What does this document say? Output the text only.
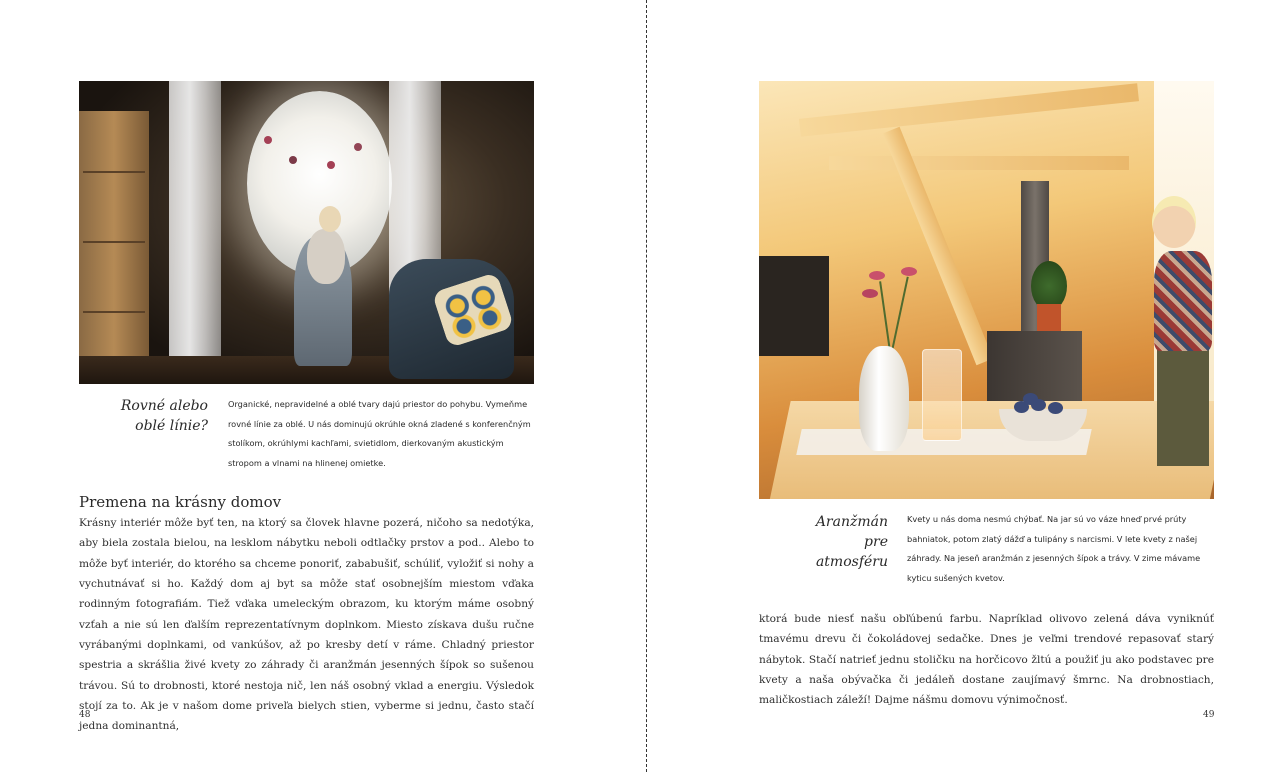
Rovné alebo oblé línie?
Organické, nepravidelné a oblé tvary dajú priestor do pohybu. Vymeňme rovné línie za oblé. U nás dominujú okrúhle okná zladené s konferenčným stolíkom, okrúhlymi kachľami, svietidlom, dierkovaným akustickým stropom a vlnami na hlinenej omietke.
Premena na krásny domov

Krásny interiér môže byť ten, na ktorý sa človek hlavne pozerá, ničoho sa nedotýka, aby biela zostala bielou, na lesklom nábytku neboli odtlačky prstov a pod.. Alebo to môže byť interiér, do ktorého sa chceme ponoriť, zababušiť, schúliť, vyložiť si nohy a vychutnávať si ho. Každý dom aj byt sa môže stať osobnejším miestom vďaka rodinným fotografiám. Tiež vďaka umeleckým obrazom, ku ktorým máme osobný vzťah a nie sú len ďalším reprezentatívnym doplnkom. Miesto získava dušu ručne vyrábanými doplnkami, od vankúšov, až po kresby detí v ráme. Chladný priestor spestria a skrášlia živé kvety zo záhrady či aranžmán jesenných šípok so sušenou trávou. Sú to drobnosti, ktoré nestoja nič, len náš osobný vklad a energiu. Výsledok stojí za to. Ak je v našom dome priveľa bielych stien, vyberme si jednu, často stačí jedna dominantná,

48
Aranžmán pre atmosféru
Kvety u nás doma nesmú chýbať. Na jar sú vo váze hneď prvé prúty bahniatok, potom zlatý dážď a tulipány s narcismi. V lete kvety z našej záhrady. Na jeseň aranžmán z jesenných šípok a trávy. V zime mávame kyticu sušených kvetov.

ktorá bude niesť našu obľúbenú farbu. Napríklad olivovo zelená dáva vyniknúť tmavému drevu či čokoládovej sedačke. Dnes je veľmi trendové repasovať starý nábytok. Stačí natrieť jednu stoličku na horčicovo žltú a použiť ju ako podstavec pre kvety a naša obývačka či jedáleň dostane zaujímavý šmrnc. Na drobnostiach, maličkostiach záleží! Dajme nášmu domovu výnimočnosť.

49
